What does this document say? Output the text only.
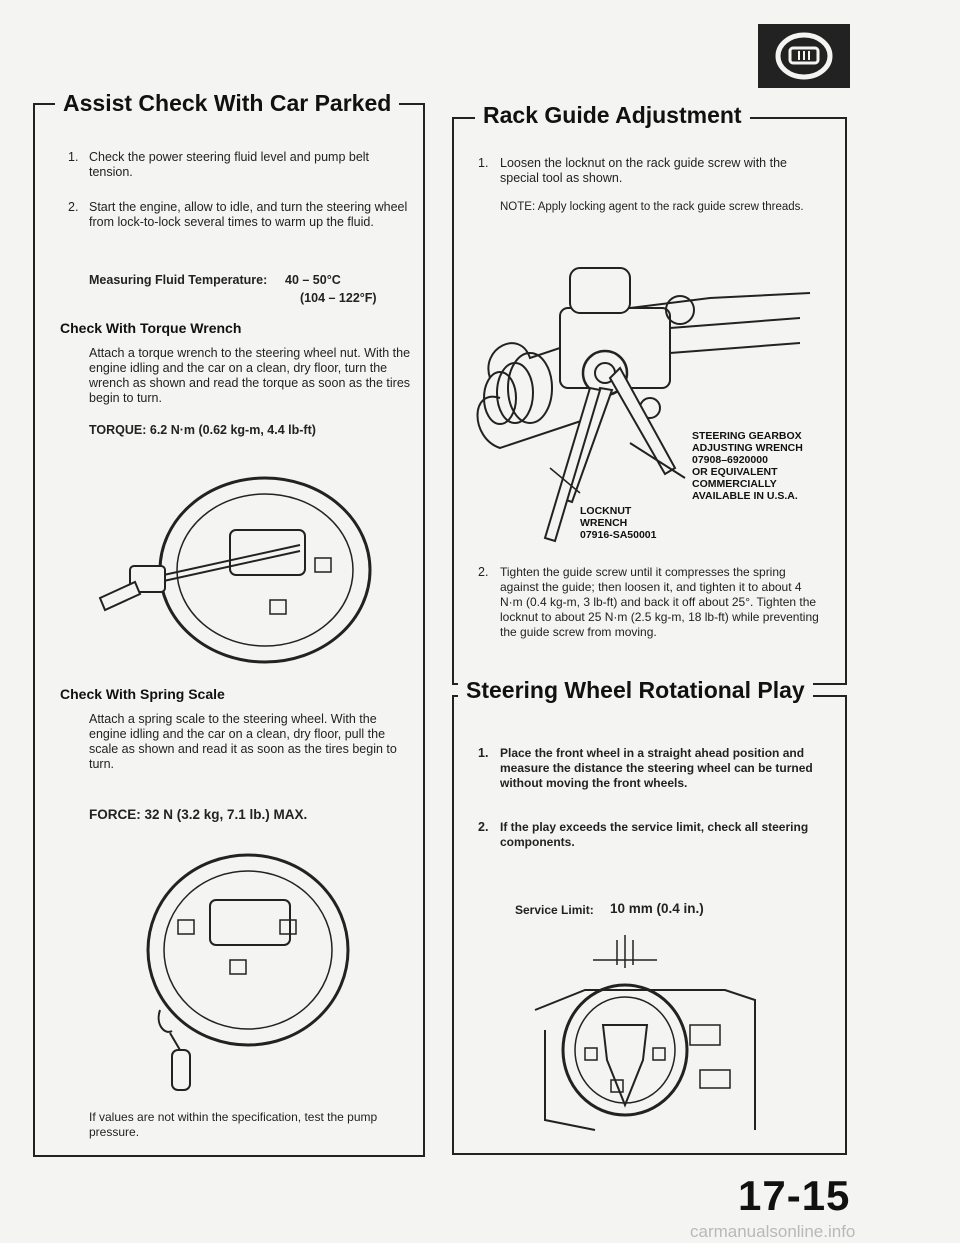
Assist Check With Car Parked
1. Check the power steering fluid level and pump belt tension.
2. Start the engine, allow to idle, and turn the steering wheel from lock-to-lock several times to warm up the fluid.
Measuring Fluid Temperature: 40 – 50°C
(104 – 122°F)
Check With Torque Wrench
Attach a torque wrench to the steering wheel nut. With the engine idling and the car on a clean, dry floor, turn the wrench as shown and read the torque as soon as the tires begin to turn.
TORQUE: 6.2 N·m (0.62 kg-m, 4.4 lb-ft)
Check With Spring Scale
Attach a spring scale to the steering wheel. With the engine idling and the car on a clean, dry floor, pull the scale as shown and read it as soon as the tires begin to turn.
FORCE: 32 N (3.2 kg, 7.1 lb.) MAX.
If values are not within the specification, test the pump pressure.
Rack Guide Adjustment
1. Loosen the locknut on the rack guide screw with the special tool as shown.
NOTE: Apply locking agent to the rack guide screw threads.
STEERING GEARBOX
ADJUSTING WRENCH
07908–6920000
OR EQUIVALENT
COMMERCIALLY
AVAILABLE IN U.S.A.
LOCKNUT
WRENCH
07916-SA50001
2. Tighten the guide screw until it compresses the spring against the guide; then loosen it, and tighten it to about 4 N·m (0.4 kg-m, 3 lb-ft) and back it off about 25°. Tighten the locknut to about 25 N·m (2.5 kg-m, 18 lb-ft) while preventing the guide screw from moving.
Steering Wheel Rotational Play
1. Place the front wheel in a straight ahead position and measure the distance the steering wheel can be turned without moving the front wheels.
2. If the play exceeds the service limit, check all steering components.
Service Limit: 10 mm (0.4 in.)
17-15
carmanualsonline.info
